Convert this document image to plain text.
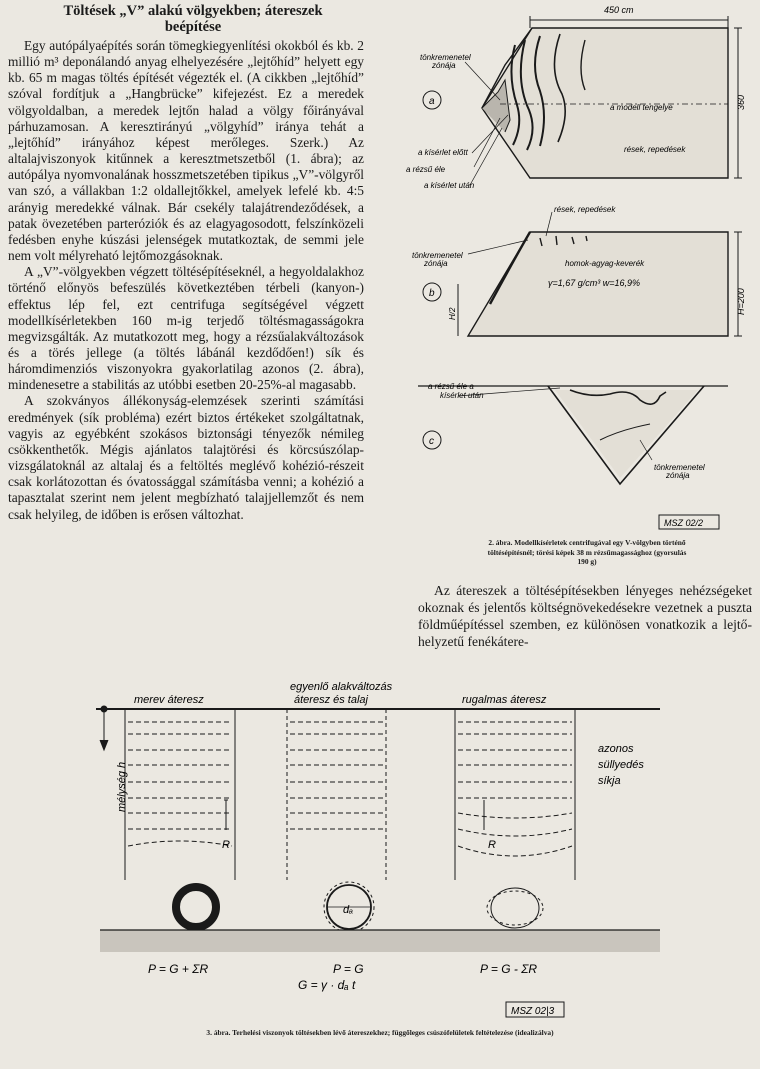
Töltések „V” alakú völgyekben; átereszek
beépítése

Egy autópályaépítés során tömegkiegyenlítési okokból és kb. 2 millió m³ deponálandó anyag elhelyezésére „lejtőhíd” helyett egy kb. 65 m magas töltés építését végezték el. (A cikkben „lejtőhíd” szóval fordítjuk a „Hangbrücke” kifejezést. Ez a meredek völgyoldalban, a meredek lejtőn halad a völgy főirányával párhuzamosan. A keresztirányú „völgyhíd” iránya tehát a „lejtőhíd” irányához képest merőleges. Szerk.) Az altalajviszonyok kitűnnek a keresztmetszetből (1. ábra); az autópálya nyomvonalának hosszmetszetében tipikus „V”-völgyről van szó, a vállakban 1:2 oldallejtőkkel, amelyek lefelé kb. 4:5 arányig meredekké válnak. Bár csekély talajátrendeződések, a patak övezetében parteróziók és az elagyagosodott, felszínközeli fedésben enyhe kúszási jelenségek mutatkoztak, de semmi jele nem volt mélyreható lejtőmozgásoknak.

A „V”-völgyekben végzett töltésépítéseknél, a hegyoldalakhoz történő előnyös befeszülés következtében térbeli (kanyon-) effektus lép fel, ezt centrifuga segítségével végzett modellkísérletekben 160 m-ig terjedő töltésmagasságokra megvizsgálták. Az mutatkozott meg, hogy a rézsűalakváltozások és a törés jellege (a töltés lábánál kezdődően!) sík és háromdimenziós viszonyokra gyakorlatilag azonos (2. ábra), mindenesetre a stabilitás az utóbbi esetben 20-25%-al magasabb.

A szokványos állékonyság-elemzések szerinti számítási eredmények (sík probléma) ezért biztos értékeket szolgáltatnak, vagyis az egyébként szokásos biztonsági tényezők némileg csökkenthetők. Mégis ajánlatos talajtörési és körcsúszólap-vizsgálatoknál az altalaj és a feltöltés meglévő kohézió-részeit csak korlátozottan és óvatossággal számításba venni; a kohézió a tapasztalat szerint nem jelent megbízható talajjellemzőt és nem csak helyileg, de időben is erősen változhat.

Az átereszek a töltésépítésekben lényeges nehézségeket okoznak és jelentős költségnövekedésekre vezetnek a puszta földműépítéssel szemben, ez különösen vonatkozik a lejtő-helyzetű fenékátere-

450 cm
360
a
tönkremenetel
zónája
a modell tengelye
rések, repedések
a kísérlet előtt
a rézsű éle
a kísérlet után
b
tönkremenetel
zónája
rések, repedések
homok-agyag-keverék
γ=1,67 g/cm³ w=16,9%
H=200
H/2
c
a rézsű éle a
kísérlet után
tönkremenetel
zónája
MSZ 02/2
2. ábra. Modellkísérletek centrifugával egy V-völgyben történő
töltésépítésnél; törési képek 38 m rézsűmagassághoz (gyorsulás
190 g)
egyenlő alakváltozás
áteresz és talaj
merev áteresz	rugalmas áteresz
mélység h
azonos
süllyedés
síkja
R	R
dₐ
P = G + ΣR	P = G	P = G - ΣR
G = γ · dₐ t
MSZ 02|3
3. ábra. Terhelési viszonyok töltésekben lévő átereszekhez; függőleges csúszófelületek feltételezése (idealizálva)
